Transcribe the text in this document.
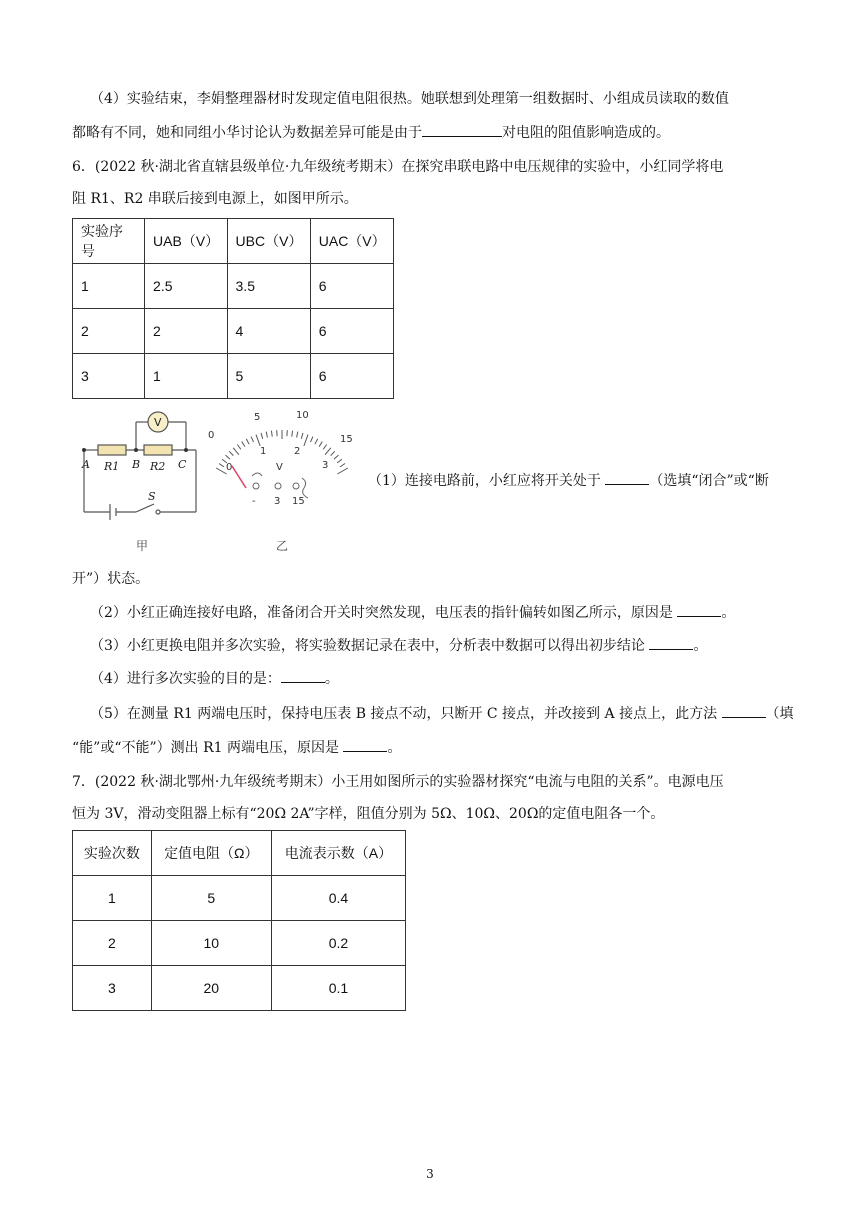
（4）实验结束，李娟整理器材时发现定值电阻很热。她联想到处理第一组数据时、小组成员读取的数值
都略有不同，她和同组小华讨论认为数据差异可能是由于	对电阻的阻值影响造成的。
6．(2022 秋·湖北省直辖县级单位·九年级统考期末）在探究串联电路中电压规律的实验中，小红同学将电
阻 R1、R2 串联后接到电源上，如图甲所示。
实验序号	UAB（V）	UBC（V）	UAC（V）
1	2.5	3.5	6
2	2	4	6
3	1	5	6
A	B	C
R1	R2
S
V
甲
0
5	10
15
0
1	2
3
V
- 3 15
乙
（1）连接电路前，小红应将开关处于	（选填“闭合”或“断
开”）状态。
（2）小红正确连接好电路，准备闭合开关时突然发现，电压表的指针偏转如图乙所示，原因是	。
（3）小红更换电阻并多次实验，将实验数据记录在表中，分析表中数据可以得出初步结论	。
（4）进行多次实验的目的是：	。
（5）在测量 R1 两端电压时，保持电压表 B 接点不动，只断开 C 接点，并改接到 A 接点上，此方法	（填
“能”或“不能”）测出 R1 两端电压，原因是	。
7．(2022 秋·湖北鄂州·九年级统考期末）小王用如图所示的实验器材探究“电流与电阻的关系”。电源电压
恒为 3V，滑动变阻器上标有“20Ω 2A”字样，阻值分别为 5Ω、10Ω、20Ω的定值电阻各一个。
实验次数	定值电阻（Ω）	电流表示数（A）
1	5	0.4
2	10	0.2
3	20	0.1
3
